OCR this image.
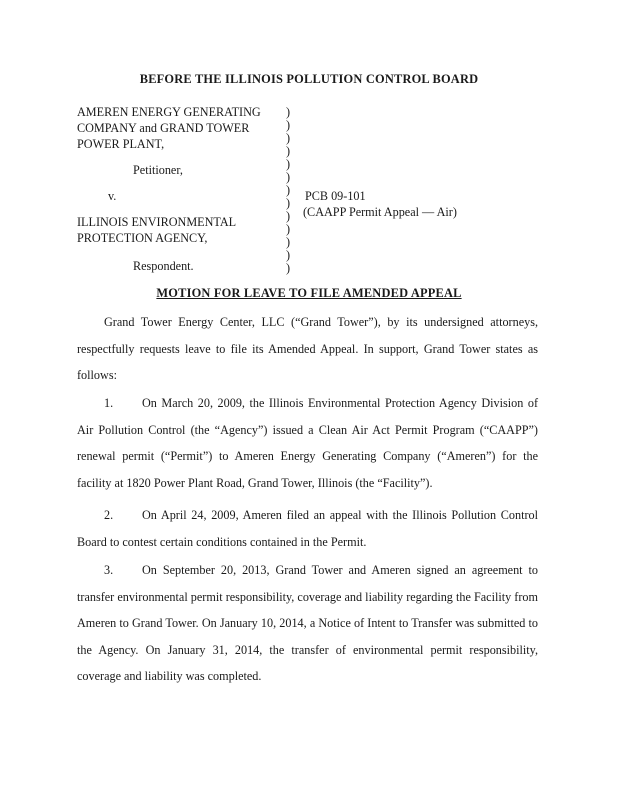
BEFORE THE ILLINOIS POLLUTION CONTROL BOARD
AMEREN ENERGY GENERATING
COMPANY and GRAND TOWER
POWER PLANT,
Petitioner,
v.
ILLINOIS ENVIRONMENTAL
PROTECTION AGENCY,
Respondent.
)
)
)
)
)
)
)
)
)
)
)
)
)
PCB 09-101
(CAAPP Permit Appeal — Air)
MOTION FOR LEAVE TO FILE AMENDED APPEAL
Grand Tower Energy Center, LLC (“Grand Tower”), by its undersigned attorneys, respectfully requests leave to file its Amended Appeal. In support, Grand Tower states as follows:
1. On March 20, 2009, the Illinois Environmental Protection Agency Division of Air Pollution Control (the “Agency”) issued a Clean Air Act Permit Program (“CAAPP”) renewal permit (“Permit”) to Ameren Energy Generating Company (“Ameren”) for the facility at 1820 Power Plant Road, Grand Tower, Illinois (the “Facility”).
2. On April 24, 2009, Ameren filed an appeal with the Illinois Pollution Control Board to contest certain conditions contained in the Permit.
3. On September 20, 2013, Grand Tower and Ameren signed an agreement to transfer environmental permit responsibility, coverage and liability regarding the Facility from Ameren to Grand Tower. On January 10, 2014, a Notice of Intent to Transfer was submitted to the Agency. On January 31, 2014, the transfer of environmental permit responsibility, coverage and liability was completed.
